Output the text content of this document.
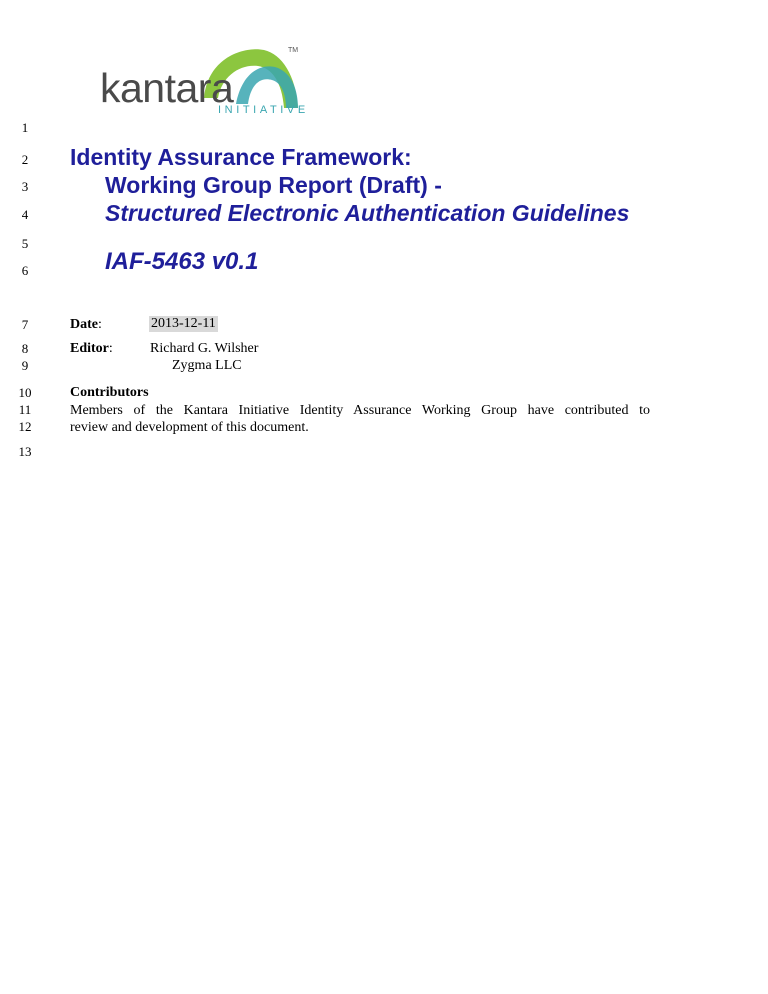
kantara
INITIATIVE
TM
1
2
3
4
5
6
7
8
9
10
11
12
13
Identity Assurance Framework:
Working Group Report (Draft) -
Structured Electronic Authentication Guidelines
IAF-5463 v0.1
Date:	2013-12-11
Editor:	Richard G. Wilsher
Zygma LLC
Contributors
Members of the Kantara Initiative Identity Assurance Working Group have contributed to
review and development of this document.
